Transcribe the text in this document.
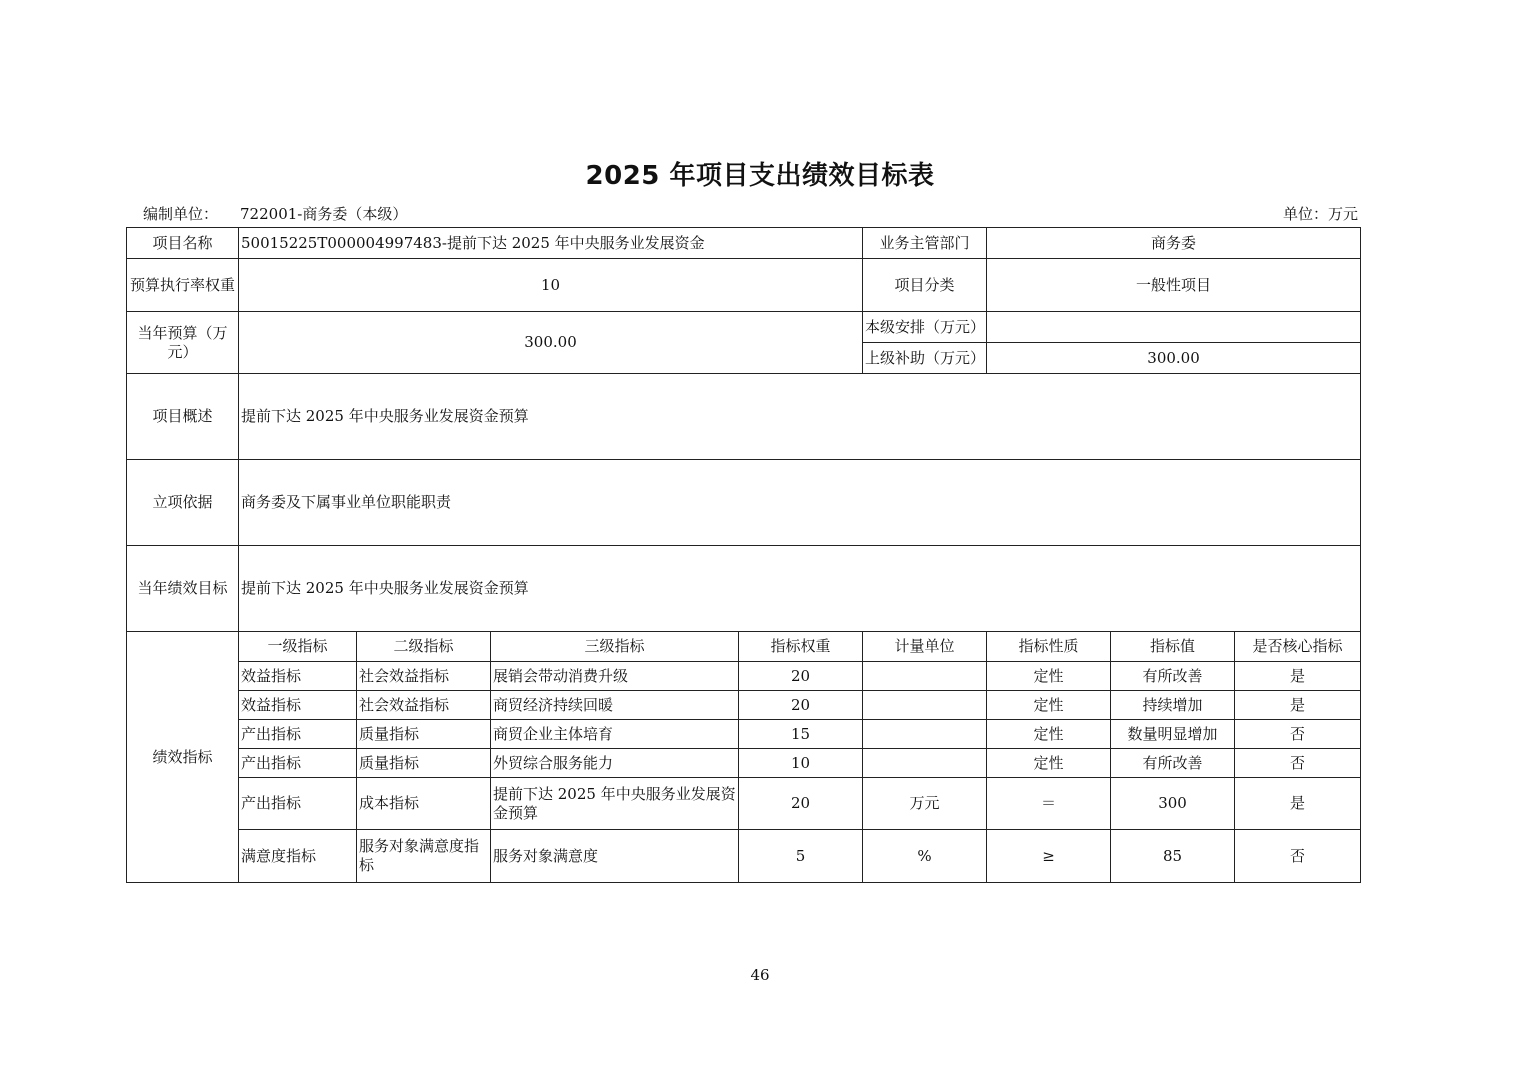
2025 年项目支出绩效目标表
编制单位： 722001-商务委（本级）	单位：万元
项目名称	50015225T000004997483-提前下达 2025 年中央服务业发展资金				业务主管部门	商务委		
预算执行率权重	10				项目分类	一般性项目		
当年预算（万元）	300.00				本级安排（万元）			
					上级补助（万元）	300.00		
项目概述	提前下达 2025 年中央服务业发展资金预算							
立项依据	商务委及下属事业单位职能职责							
当年绩效目标	提前下达 2025 年中央服务业发展资金预算							
绩效指标	一级指标	二级指标	三级指标	指标权重	计量单位	指标性质	指标值	是否核心指标
	效益指标	社会效益指标	展销会带动消费升级	20		定性	有所改善	是
	效益指标	社会效益指标	商贸经济持续回暖	20		定性	持续增加	是
	产出指标	质量指标	商贸企业主体培育	15		定性	数量明显增加	否
	产出指标	质量指标	外贸综合服务能力	10		定性	有所改善	否
	产出指标	成本指标	提前下达 2025 年中央服务业发展资金预算	20	万元	＝	300	是
	满意度指标	服务对象满意度指标	服务对象满意度	5	%	≥	85	否
46
